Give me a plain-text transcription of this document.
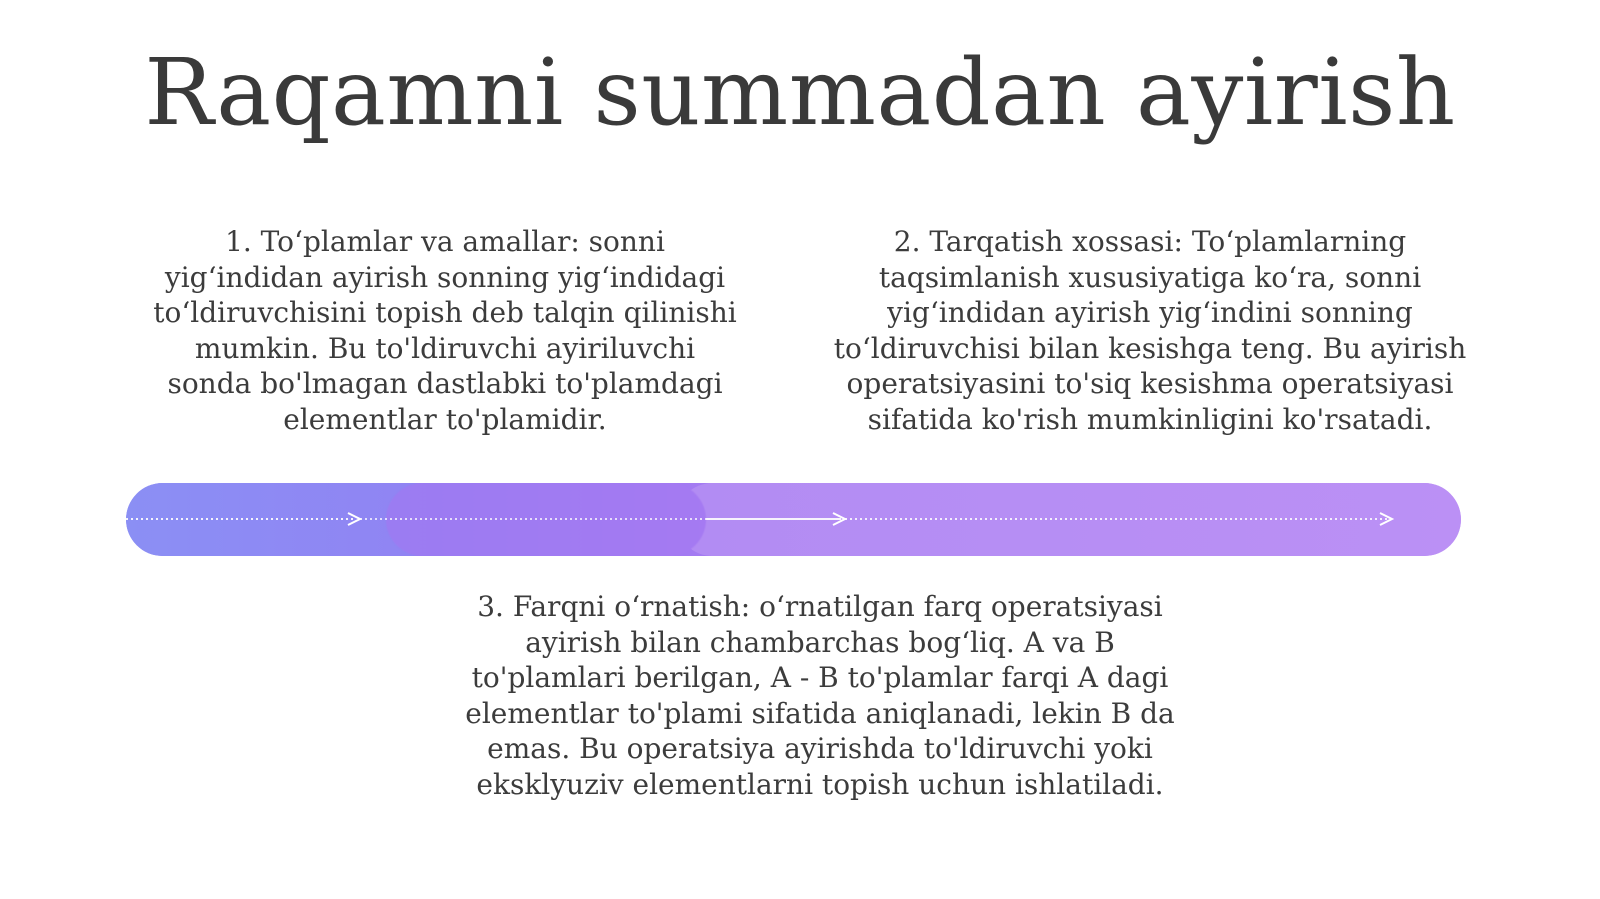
Raqamni summadan ayirish

1. To‘plamlar va amallar: sonni yig‘indidan ayirish sonning yig‘indidagi to‘ldiruvchisini topish deb talqin qilinishi mumkin. Bu to'ldiruvchi ayiriluvchi sonda bo'lmagan dastlabki to'plamdagi elementlar to'plamidir.

2. Tarqatish xossasi: To‘plamlarning taqsimlanish xususiyatiga ko‘ra, sonni yig‘indidan ayirish yig‘indini sonning to‘ldiruvchisi bilan kesishga teng. Bu ayirish operatsiyasini to'siq kesishma operatsiyasi sifatida ko'rish mumkinligini ko'rsatadi.

3. Farqni o‘rnatish: o‘rnatilgan farq operatsiyasi ayirish bilan chambarchas bog‘liq. A va B to'plamlari berilgan, A - B to'plamlar farqi A dagi elementlar to'plami sifatida aniqlanadi, lekin B da emas. Bu operatsiya ayirishda to'ldiruvchi yoki eksklyuziv elementlarni topish uchun ishlatiladi.
